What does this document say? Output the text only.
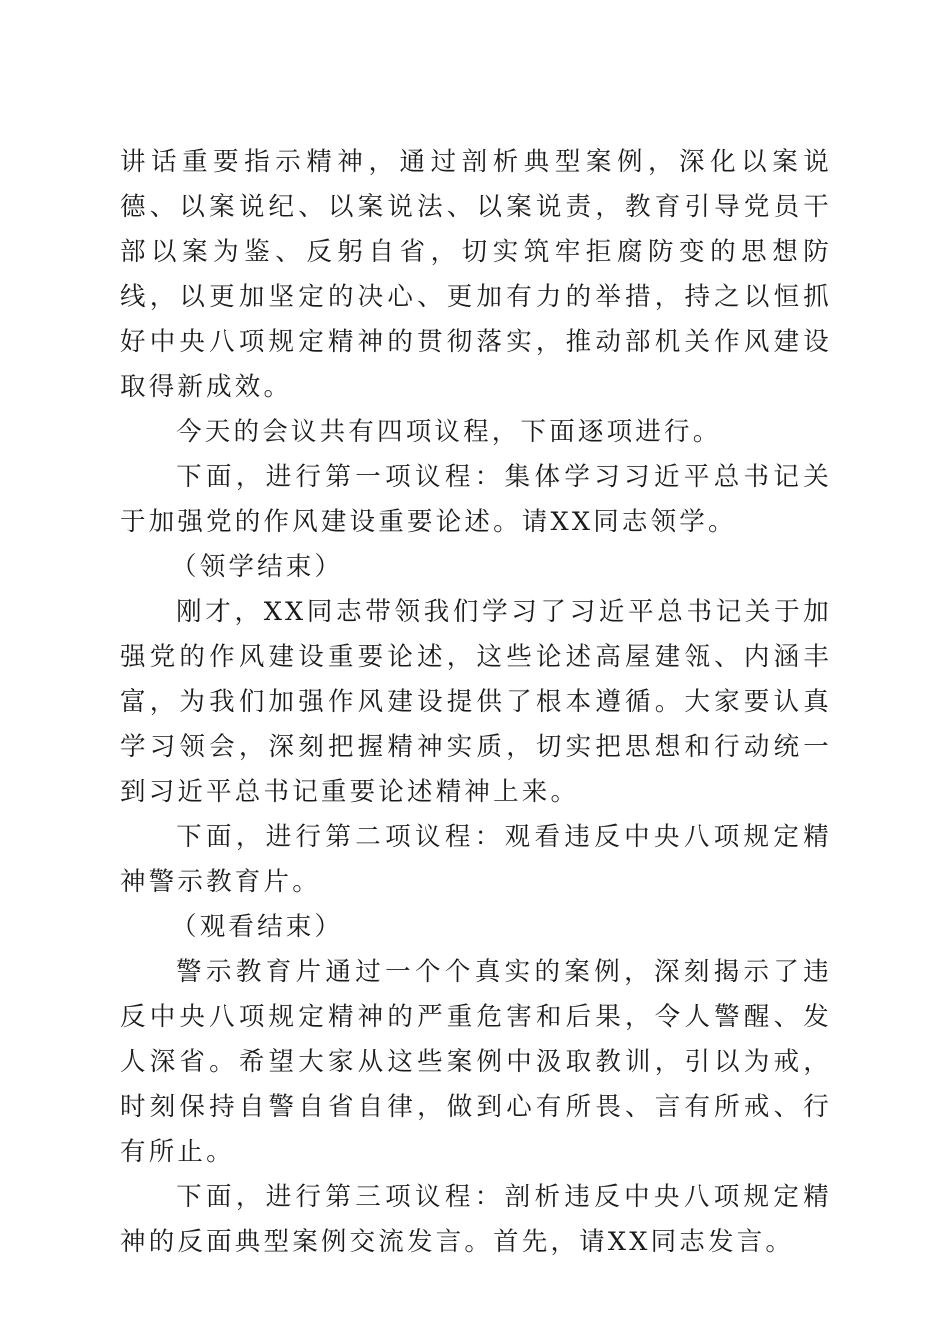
讲话重要指示精神，通过剖析典型案例，深化以案说德、以案说纪、以案说法、以案说责，教育引导党员干部以案为鉴、反躬自省，切实筑牢拒腐防变的思想防线，以更加坚定的决心、更加有力的举措，持之以恒抓好中央八项规定精神的贯彻落实，推动部机关作风建设取得新成效。

今天的会议共有四项议程，下面逐项进行。

下面，进行第一项议程：集体学习习近平总书记关于加强党的作风建设重要论述。请XX同志领学。

（领学结束）

刚才，XX同志带领我们学习了习近平总书记关于加强党的作风建设重要论述，这些论述高屋建瓴、内涵丰富，为我们加强作风建设提供了根本遵循。大家要认真学习领会，深刻把握精神实质，切实把思想和行动统一到习近平总书记重要论述精神上来。

下面，进行第二项议程：观看违反中央八项规定精神警示教育片。

（观看结束）

警示教育片通过一个个真实的案例，深刻揭示了违反中央八项规定精神的严重危害和后果，令人警醒、发人深省。希望大家从这些案例中汲取教训，引以为戒，时刻保持自警自省自律，做到心有所畏、言有所戒、行有所止。

下面，进行第三项议程：剖析违反中央八项规定精神的反面典型案例交流发言。首先，请XX同志发言。
